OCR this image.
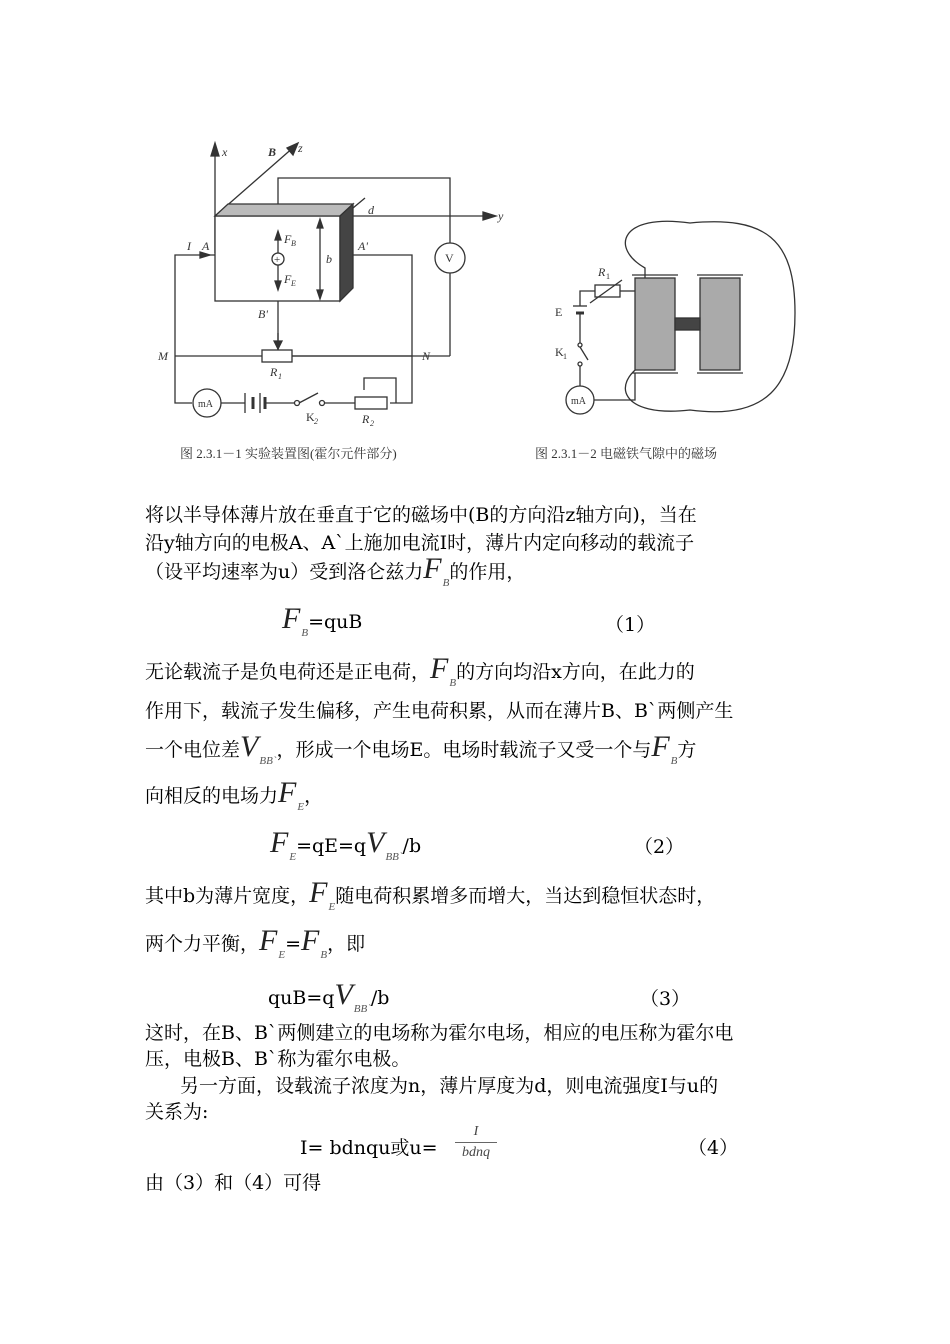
x	B z
y
d
I A	A'
F B
+
F E
b
B'
V
M	N
R 1
mA
K 2	R 2
图 2.3.1－1 实验装置图(霍尔元件部分)
R 1
E
K 1
mA
图 2.3.1－2 电磁铁气隙中的磁场
将以半导体薄片放在垂直于它的磁场中(B的方向沿z轴方向)，当在
沿y轴方向的电极A、A`上施加电流I时，薄片内定向移动的载流子
（设平均速率为u）受到洛仑兹力$F_B$的作用，
$F_B=quB$	（1）
无论载流子是负电荷还是正电荷，$F_B$的方向均沿x方向，在此力的
作用下，载流子发生偏移，产生电荷积累，从而在薄片B、B`两侧产生
一个电位差$V_{BB`}$，形成一个电场E。电场时载流子又受一个与$F_B$方
向相反的电场力$F_E$，
$F_E=qE=qV_{BB`}/b$	（2）
其中b为薄片宽度，$F_E$随电荷积累增多而增大，当达到稳恒状态时，
两个力平衡，$F_E=F_B$，即
$quB=qV_{BB`}/b$	（3）
这时，在B、B`两侧建立的电场称为霍尔电场，相应的电压称为霍尔电
压，电极B、B`称为霍尔电极。
另一方面，设载流子浓度为n，薄片厚度为d，则电流强度I与u的
关系为:
I= bdnqu或u=
I
bdnq	（4）
由（3）和（4）可得
